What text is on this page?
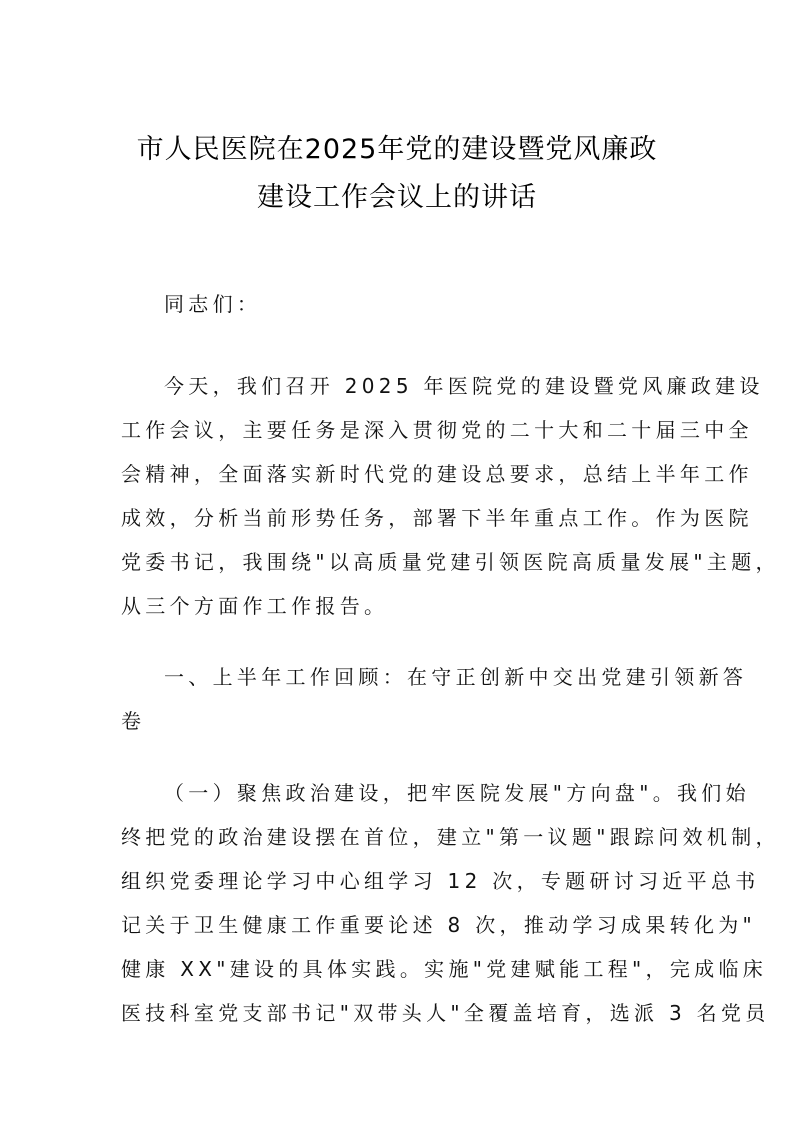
市人民医院在2025年党的建设暨党风廉政
建设工作会议上的讲话
同志们：
今天，我们召开 2025 年医院党的建设暨党风廉政建设
工作会议，主要任务是深入贯彻党的二十大和二十届三中全
会精神，全面落实新时代党的建设总要求，总结上半年工作
成效，分析当前形势任务，部署下半年重点工作。作为医院
党委书记，我围绕"以高质量党建引领医院高质量发展"主题，
从三个方面作工作报告。
一、上半年工作回顾：在守正创新中交出党建引领新答
卷
（一）聚焦政治建设，把牢医院发展"方向盘"。我们始
终把党的政治建设摆在首位，建立"第一议题"跟踪问效机制，
组织党委理论学习中心组学习 12 次，专题研讨习近平总书
记关于卫生健康工作重要论述 8 次，推动学习成果转化为"
健康 XX"建设的具体实践。实施"党建赋能工程"，完成临床
医技科室党支部书记"双带头人"全覆盖培育，选派 3 名党员
